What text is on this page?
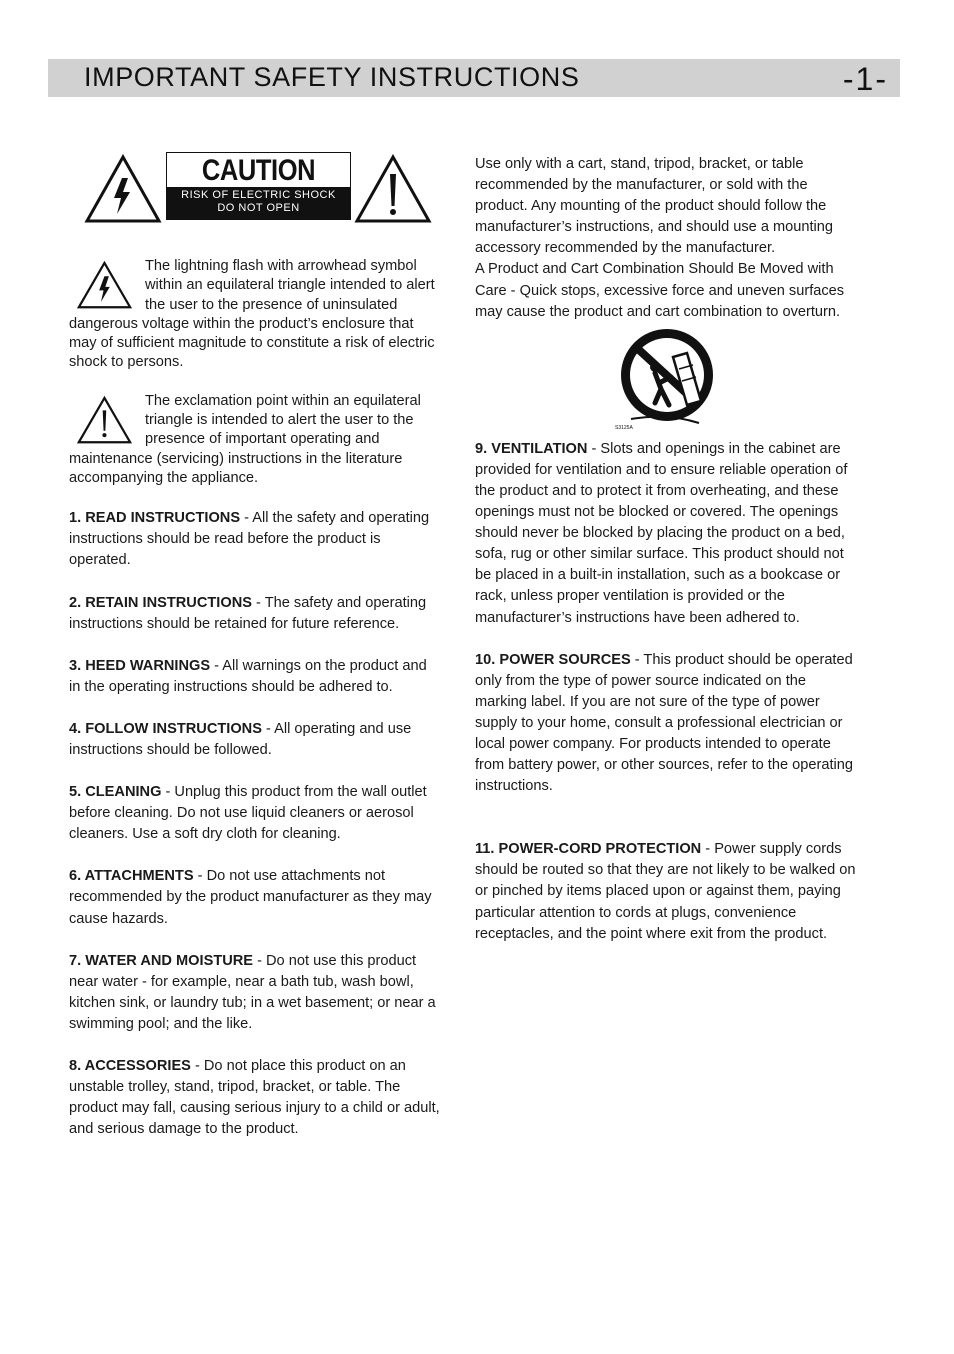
IMPORTANT SAFETY INSTRUCTIONS	-1-
CAUTION
RISK OF ELECTRIC SHOCK
DO NOT OPEN

The lightning flash with arrowhead symbol within an equilateral triangle intended to alert the user to the presence of uninsulated dangerous voltage within the product’s enclosure that may of sufficient magnitude to constitute a risk of electric shock to persons.

The exclamation point within an equilateral triangle is intended to alert the user to the presence of important operating and maintenance (servicing) instructions in the literature accompanying the appliance.

1. READ INSTRUCTIONS - All the safety and operating instructions should be read before the product is operated.

2. RETAIN INSTRUCTIONS - The safety and operating instructions should be retained for future reference.

3. HEED WARNINGS - All warnings on the product and in the operating instructions should be adhered to.

4. FOLLOW INSTRUCTIONS - All operating and use instructions should be followed.

5. CLEANING - Unplug this product from the wall outlet before cleaning. Do not use liquid cleaners or aerosol cleaners. Use a soft dry cloth for cleaning.

6. ATTACHMENTS - Do not use attachments not recommended by the product manufacturer as they may cause hazards.

7. WATER AND MOISTURE - Do not use this product near water - for example, near a bath tub, wash bowl, kitchen sink, or laundry tub; in a wet basement; or near a swimming pool; and the like.

8. ACCESSORIES - Do not place this product on an unstable trolley, stand, tripod, bracket, or table. The product may fall, causing serious injury to a child or adult, and serious damage to the product.

Use only with a cart, stand, tripod, bracket, or table recommended by the manufacturer, or sold with the product. Any mounting of the product should follow the manufacturer’s instructions, and should use a mounting accessory recommended by the manufacturer.

A Product and Cart Combination Should Be Moved with Care - Quick stops, excessive force and uneven surfaces may cause the product and cart combination to overturn.

S3125A

9. VENTILATION - Slots and openings in the cabinet are provided for ventilation and to ensure reliable operation of the product and to protect it from overheating, and these openings must not be blocked or covered. The openings should never be blocked by placing the product on a bed, sofa, rug or other similar surface. This product should not be placed in a built-in installation, such as a bookcase or rack, unless proper ventilation is provided or the manufacturer’s instructions have been adhered to.

10. POWER SOURCES - This product should be operated only from the type of power source indicated on the marking label. If you are not sure of the type of power supply to your home, consult a professional electrician or local power company. For products intended to operate from battery power, or other sources, refer to the operating instructions.

11. POWER-CORD PROTECTION - Power supply cords should be routed so that they are not likely to be walked on or pinched by items placed upon or against them, paying particular attention to cords at plugs, convenience receptacles, and the point where exit from the product.
